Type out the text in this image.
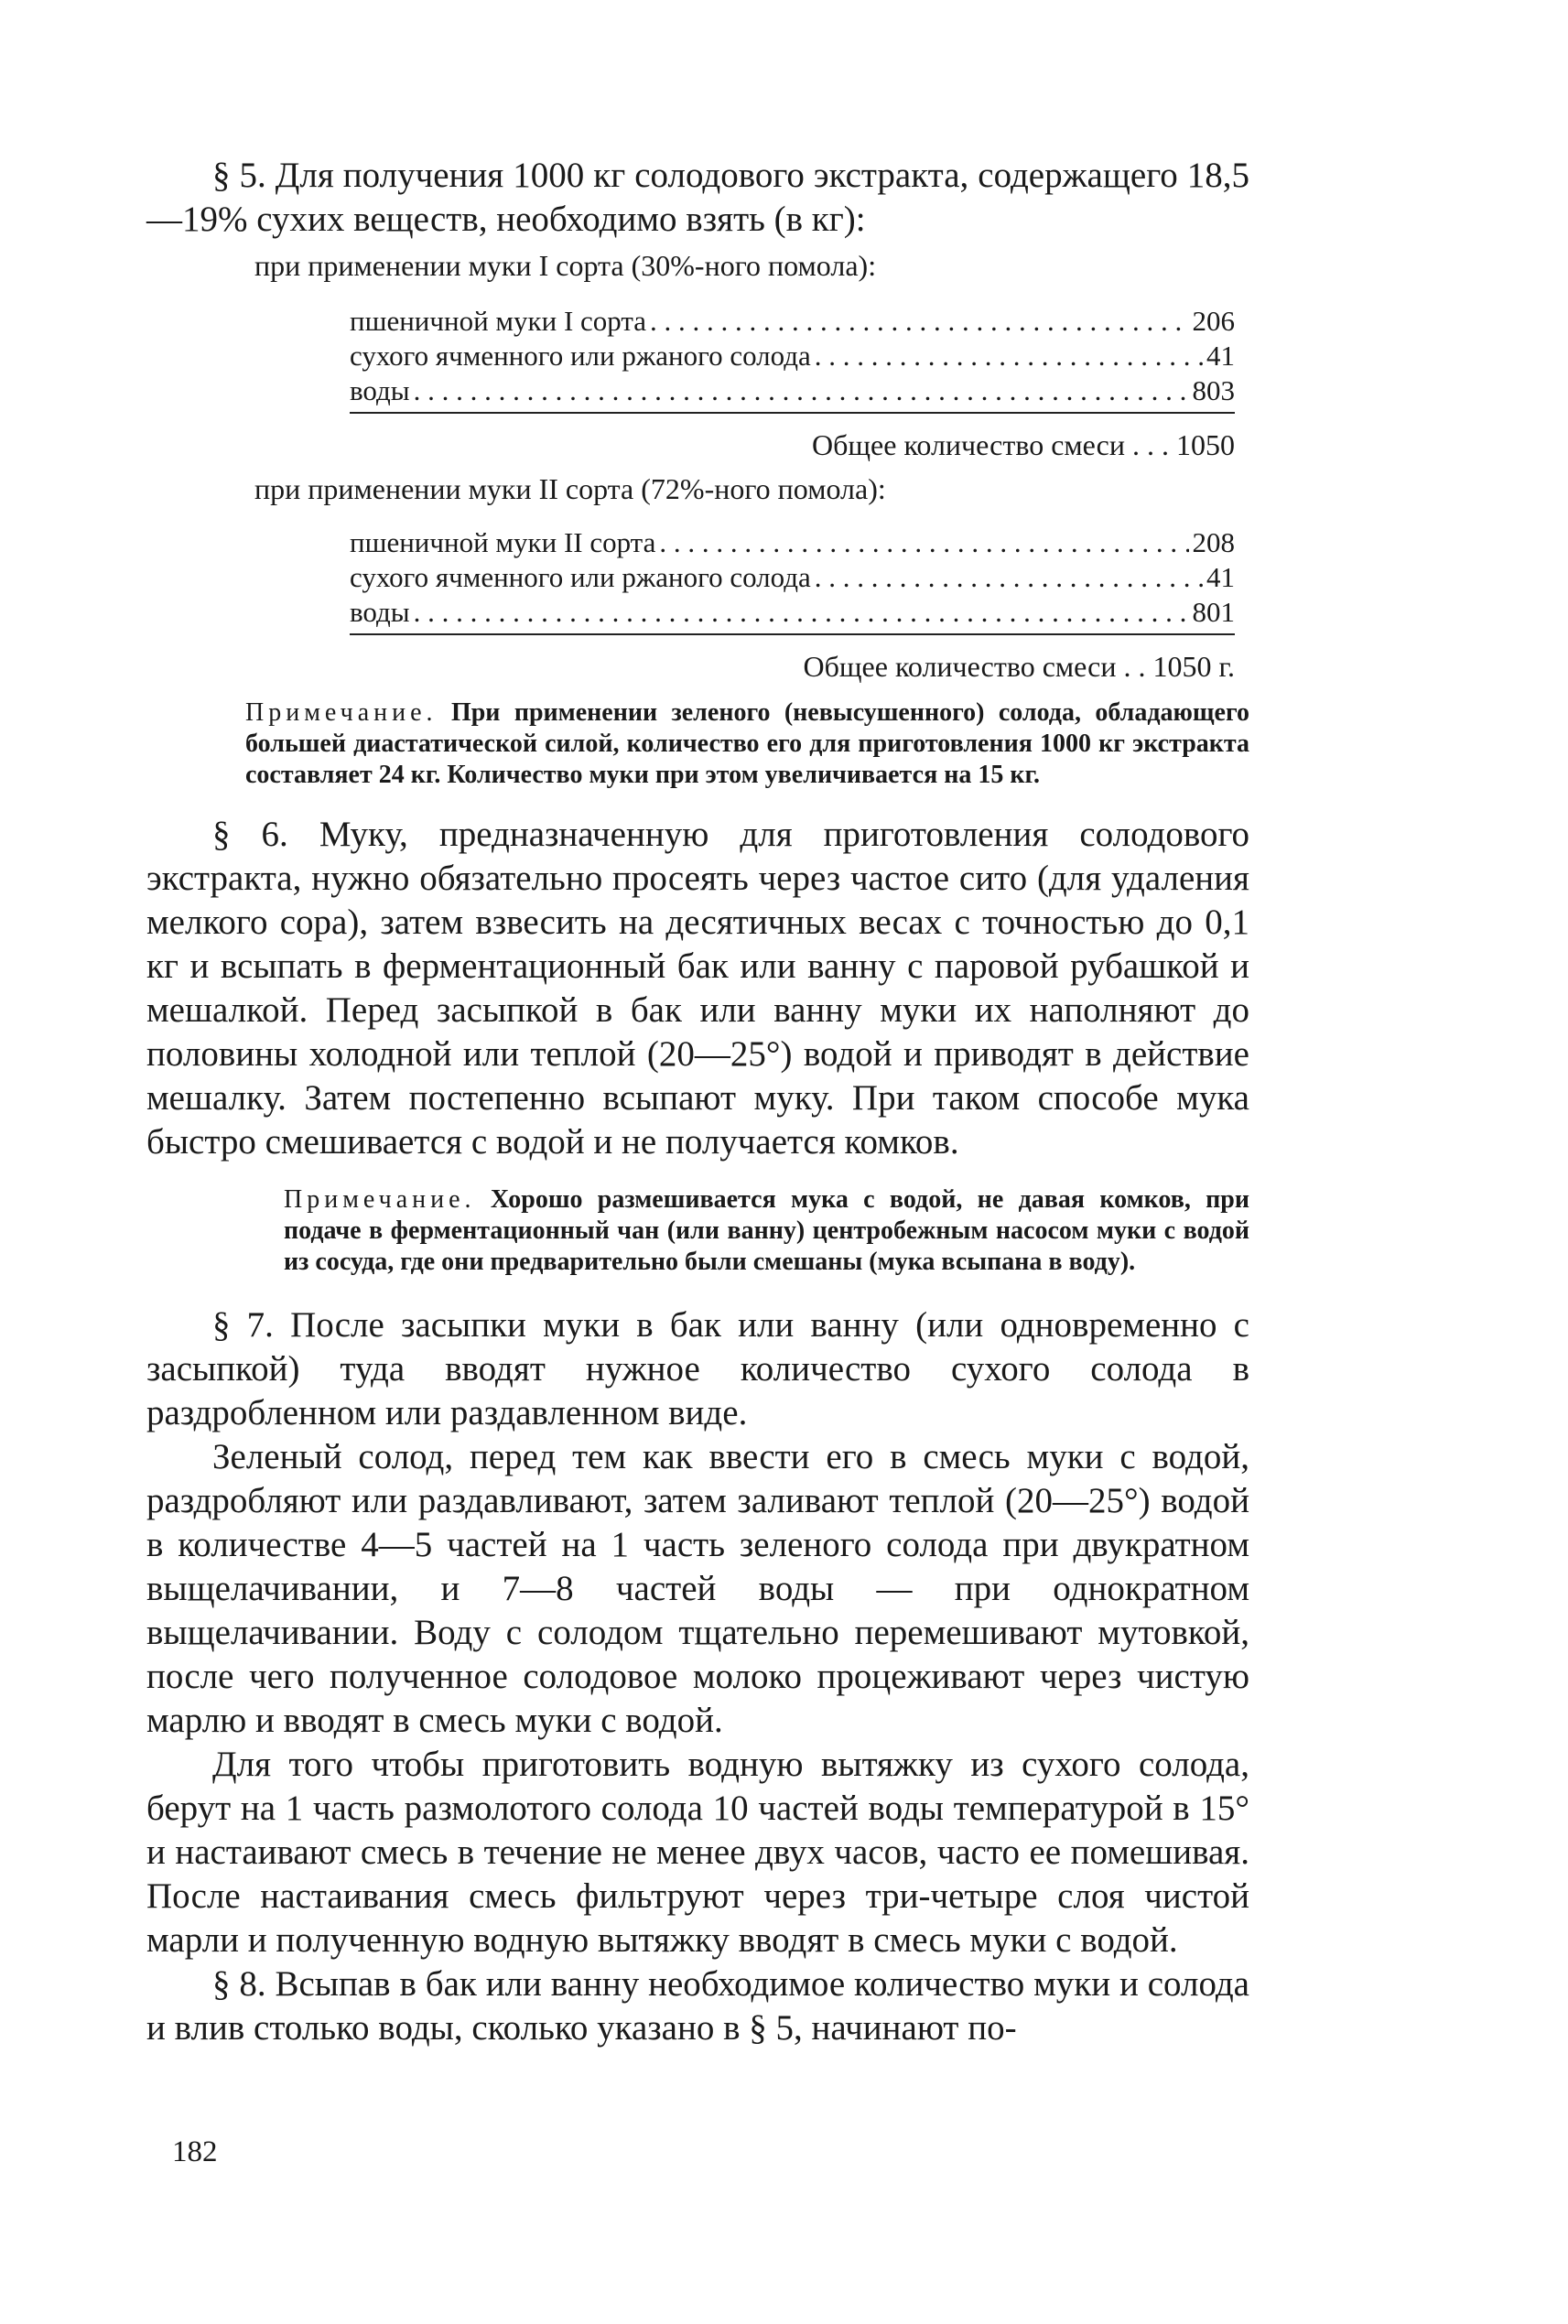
§ 5. Для получения 1000 кг солодового экстракта, содержащего 18,5—19% сухих веществ, необходимо взять (в кг):

при применении муки I сорта (30%-ного помола):
пшеничной муки I сорта . . .	206
сухого ячменного или ржаного солода . . .	41
воды . . .	803
Общее количество смеси . . . 1050
при применении муки II сорта (72%-ного помола):
пшеничной муки II сорта . . .	208
сухого ячменного или ржаного солода . . .	41
воды . . .	801
Общее количество смеси . . 1050 г.

Примечание. При применении зеленого (невысушенного) солода, обладающего большей диастатической силой, количество его для приготовления 1000 кг экстракта составляет 24 кг. Количество муки при этом увеличивается на 15 кг.

§ 6. Муку, предназначенную для приготовления солодового экстракта, нужно обязательно просеять через частое сито (для удаления мелкого сора), затем взвесить на десятичных весах с точностью до 0,1 кг и всыпать в ферментационный бак или ванну с паровой рубашкой и мешалкой. Перед засыпкой в бак или ванну муки их наполняют до половины холодной или теплой (20—25°) водой и приводят в действие мешалку. Затем постепенно всыпают муку. При таком способе мука быстро смешивается с водой и не получается комков.

Примечание. Хорошо размешивается мука с водой, не давая комков, при подаче в ферментационный чан (или ванну) центробежным насосом муки с водой из сосуда, где они предварительно были смешаны (мука всыпана в воду).

§ 7. После засыпки муки в бак или ванну (или одновременно с засыпкой) туда вводят нужное количество сухого солода в раздробленном или раздавленном виде.

Зеленый солод, перед тем как ввести его в смесь муки с водой, раздробляют или раздавливают, затем заливают теплой (20—25°) водой в количестве 4—5 частей на 1 часть зеленого солода при двукратном выщелачивании, и 7—8 частей воды — при однократном выщелачивании. Воду с солодом тщательно перемешивают мутовкой, после чего полученное солодовое молоко процеживают через чистую марлю и вводят в смесь муки с водой.

Для того чтобы приготовить водную вытяжку из сухого солода, берут на 1 часть размолотого солода 10 частей воды температурой в 15° и настаивают смесь в течение не менее двух часов, часто ее помешивая. После настаивания смесь фильтруют через три-четыре слоя чистой марли и полученную водную вытяжку вводят в смесь муки с водой.

§ 8. Всыпав в бак или ванну необходимое количество муки и солода и влив столько воды, сколько указано в § 5, начинают по-

182
